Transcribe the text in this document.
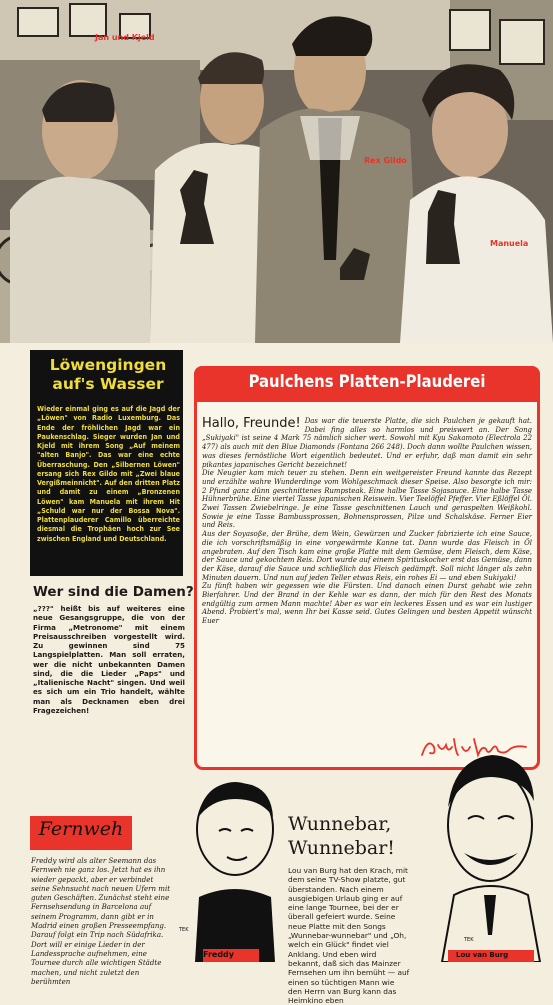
Jan und Kjeld
Rex Gildo
Manuela
Löwengingen auf's Wasser
Wieder einmal ging es auf die Jagd der „Löwen" von Radio Luxemburg. Das Ende der fröhlichen Jagd war ein Paukenschlag. Sieger wurden Jan und Kjeld mit ihrem Song „Auf meinem "alten Banjo". Das war eine echte Überraschung. Den „Silbernen Löwen" ersang sich Rex Gildo mit „Zwei blaue Vergißmeinnicht". Auf den dritten Platz und damit zu einem „Bronzenen Löwen" kam Manuela mit ihrem Hit „Schuld war nur der Bossa Nova". Plattenplauderer Camillo überreichte diesmal die Trophäen hoch zur See zwischen England und Deutschland.
Wer sind die Damen?
„???" heißt bis auf weiteres eine neue Gesangsgruppe, die von der Firma „Metronome" mit einem Preisausschreiben vorgestellt wird. Zu gewinnen sind 75 Langspielplatten. Man soll erraten, wer die nicht unbekannten Damen sind, die die Lieder „Paps" und „Italienische Nacht" singen. Und weil es sich um ein Trio handelt, wählte man als Decknamen eben drei Fragezeichen!
Paulchens Platten-Plauderei
Hallo, Freunde! Das war die teuerste Platte, die sich Paulchen je gekauft hat. Dabei fing alles so harmlos und preiswert an. Der Song „Sukiyaki" ist seine 4 Mark 75 nämlich sicher wert. Sowohl mit Kyu Sakamoto (Electrola 22 477) als auch mit den Blue Diamonds (Fontana 266 248). Doch dann wollte Paulchen wissen, was dieses fernöstliche Wort eigentlich bedeutet. Und er erfuhr, daß man damit ein sehr pikantes japanisches Gericht bezeichnet!

Die Neugier kam mich teuer zu stehen. Denn ein weitgereister Freund kannte das Rezept und erzählte wahre Wunderdinge vom Wohlgeschmack dieser Speise. Also besorgte ich mir: 2 Pfund ganz dünn geschnittenes Rumpsteak. Eine halbe Tasse Sojasauce. Eine halbe Tasse Hühnerbrühe. Eine viertel Tasse japanischen Reiswein. Vier Teelöffel Pfeffer. Vier Eßlöffel Öl. Zwei Tassen Zwiebelringe. Je eine Tasse geschnittenen Lauch und geraspelten Weißkohl. Sowie je eine Tasse Bambussprossen, Bohnensprossen, Pilze und Schalskäse. Ferner Eier und Reis.

Aus der Soyasoße, der Brühe, dem Wein, Gewürzen und Zucker fabrizierte ich eine Sauce, die ich vorschriftsmäßig in eine vorgewärmte Kanne tat. Dann wurde das Fleisch in Öl angebraten. Auf den Tisch kam eine große Platte mit dem Gemüse, dem Fleisch, dem Käse, der Sauce und gekochtem Reis. Dort wurde auf einem Spirituskocher erst das Gemüse, dann der Käse, darauf die Sauce und schließlich das Fleisch gedämpft. Soll nicht länger als zehn Minuten dauern. Und nun auf jeden Teller etwas Reis, ein rohes Ei — und eben Sukiyaki!

Zu fünft haben wir gegessen wie die Fürsten. Und danach einen Durst gehabt wie zehn Bierfahrer. Und der Brand in der Kehle war es dann, der mich für den Rest des Monats endgültig zum armen Mann machte! Aber es war ein leckeres Essen und es war ein lustiger Abend. Probiert's mal, wenn Ihr bei Kasse seid. Gutes Gelingen und besten Appetit wünscht Euer

Fernweh
Freddy wird als alter Seemann das Fernweh nie ganz los. Jetzt hat es ihn wieder gepackt, aber er verbindet seine Sehnsucht nach neuen Ufern mit guten Geschäften. Zunächst steht eine Fernsehsendung in Barcelona auf seinem Programm, dann gibt er in Madrid einen großen Presseempfang. Darauf folgt ein Trip nach Südafrika. Dort will er einige Lieder in der Landessprache aufnehmen, eine Tournee durch alle wichtigen Städte machen, und nicht zuletzt den berühmten
TEK
Freddy
Wunnebar, Wunnebar!
Lou van Burg hat den Krach, mit dem seine TV-Show platzte, gut überstanden. Nach einem ausgiebigen Urlaub ging er auf eine lange Tournee, bei der er überall gefeiert wurde. Seine neue Platte mit den Songs „Wunnebar-wunnebar" und „Oh, welch ein Glück" findet viel Anklang. Und eben wird bekannt, daß sich das Mainzer Fernsehen um ihn bemüht — auf einen so tüchtigen Mann wie den Herrn van Burg kann das Heimkino eben
TEK
Lou van Burg
